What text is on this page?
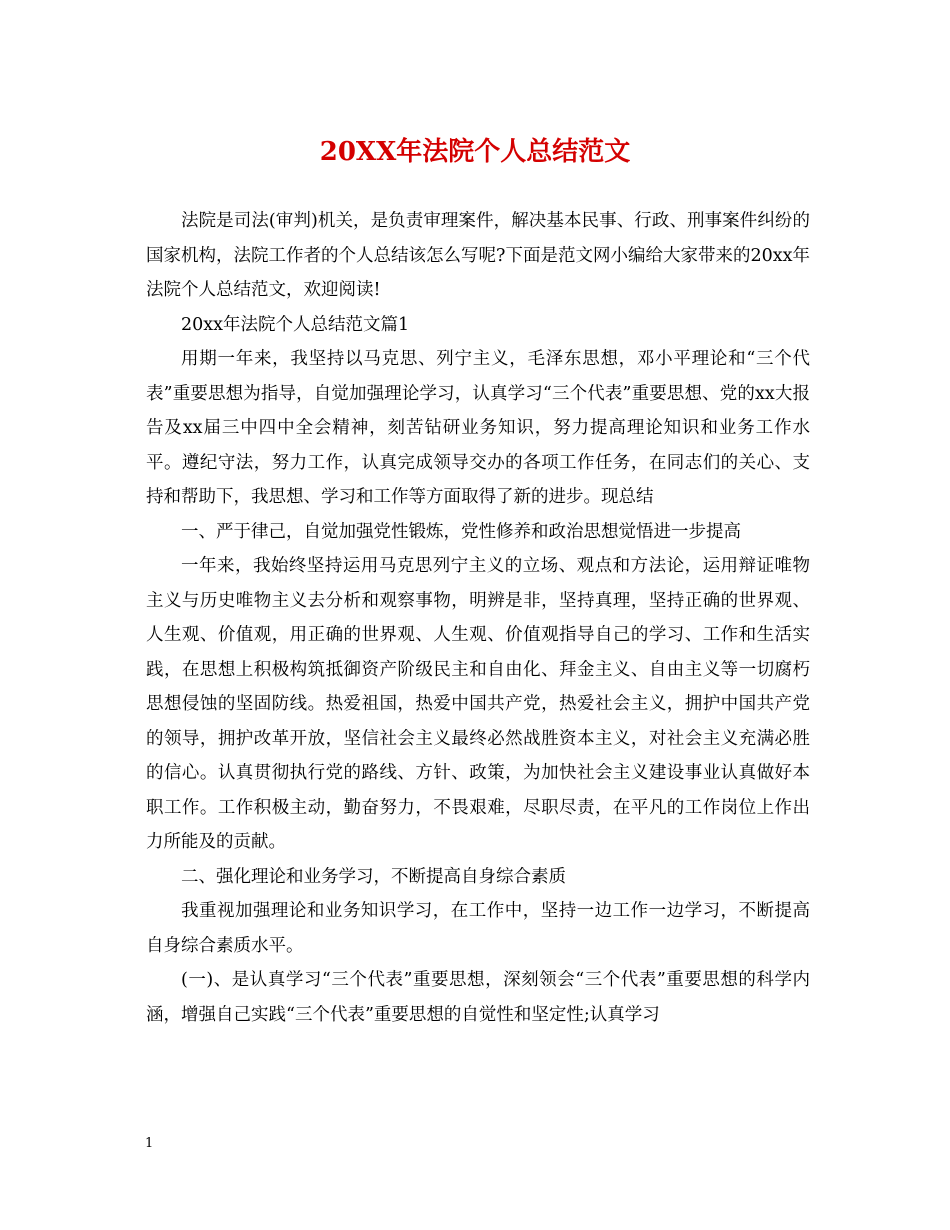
20XX年法院个人总结范文

法院是司法(审判)机关，是负责审理案件，解决基本民事、行政、刑事案件纠纷的国家机构，法院工作者的个人总结该怎么写呢?下面是范文网小编给大家带来的20xx年法院个人总结范文，欢迎阅读!

20xx年法院个人总结范文篇1

用期一年来，我坚持以马克思、列宁主义，毛泽东思想，邓小平理论和“三个代表”重要思想为指导，自觉加强理论学习，认真学习“三个代表”重要思想、党的xx大报告及xx届三中四中全会精神，刻苦钻研业务知识，努力提高理论知识和业务工作水平。遵纪守法，努力工作，认真完成领导交办的各项工作任务，在同志们的关心、支持和帮助下，我思想、学习和工作等方面取得了新的进步。现总结

一、严于律己，自觉加强党性锻炼，党性修养和政治思想觉悟进一步提高

一年来，我始终坚持运用马克思列宁主义的立场、观点和方法论，运用辩证唯物主义与历史唯物主义去分析和观察事物，明辨是非，坚持真理，坚持正确的世界观、人生观、价值观，用正确的世界观、人生观、价值观指导自己的学习、工作和生活实践，在思想上积极构筑抵御资产阶级民主和自由化、拜金主义、自由主义等一切腐朽思想侵蚀的坚固防线。热爱祖国，热爱中国共产党，热爱社会主义，拥护中国共产党的领导，拥护改革开放，坚信社会主义最终必然战胜资本主义，对社会主义充满必胜的信心。认真贯彻执行党的路线、方针、政策，为加快社会主义建设事业认真做好本职工作。工作积极主动，勤奋努力，不畏艰难，尽职尽责，在平凡的工作岗位上作出力所能及的贡献。

二、强化理论和业务学习，不断提高自身综合素质

我重视加强理论和业务知识学习，在工作中，坚持一边工作一边学习，不断提高自身综合素质水平。

(一)、是认真学习“三个代表”重要思想，深刻领会“三个代表”重要思想的科学内涵，增强自己实践“三个代表”重要思想的自觉性和坚定性;认真学习

1
